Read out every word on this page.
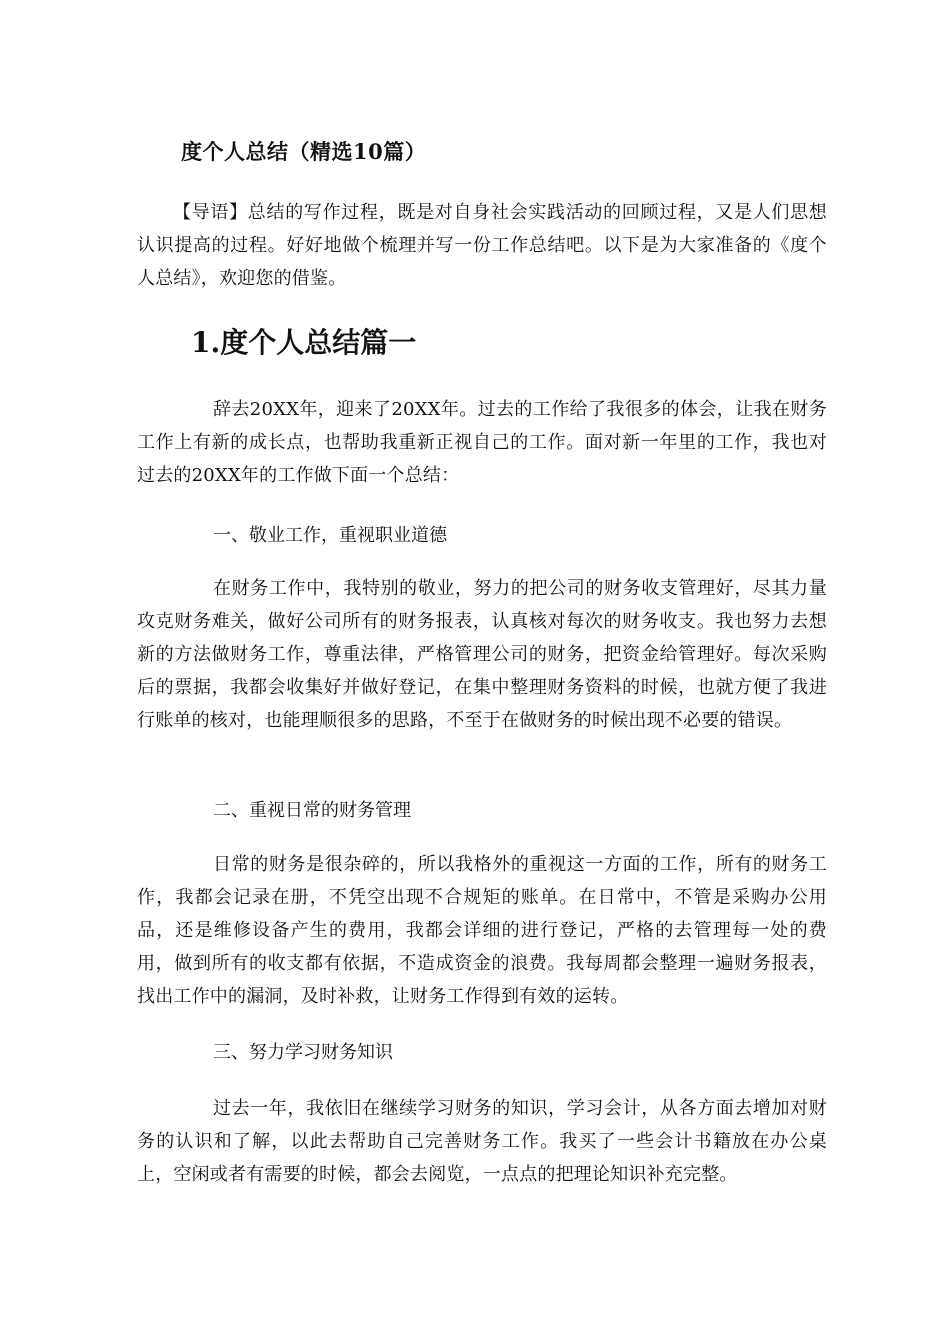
度个人总结（精选10篇）
【导语】总结的写作过程，既是对自身社会实践活动的回顾过程，又是人们思想认识提高的过程。好好地做个梳理并写一份工作总结吧。以下是为大家准备的《度个人总结》，欢迎您的借鉴。
1.度个人总结篇一
辞去20XX年，迎来了20XX年。过去的工作给了我很多的体会，让我在财务工作上有新的成长点，也帮助我重新正视自己的工作。面对新一年里的工作，我也对过去的20XX年的工作做下面一个总结：
一、敬业工作，重视职业道德
在财务工作中，我特别的敬业，努力的把公司的财务收支管理好，尽其力量攻克财务难关，做好公司所有的财务报表，认真核对每次的财务收支。我也努力去想新的方法做财务工作，尊重法律，严格管理公司的财务，把资金给管理好。每次采购后的票据，我都会收集好并做好登记，在集中整理财务资料的时候，也就方便了我进行账单的核对，也能理顺很多的思路，不至于在做财务的时候出现不必要的错误。
二、重视日常的财务管理
日常的财务是很杂碎的，所以我格外的重视这一方面的工作，所有的财务工作，我都会记录在册，不凭空出现不合规矩的账单。在日常中，不管是采购办公用品，还是维修设备产生的费用，我都会详细的进行登记，严格的去管理每一处的费用，做到所有的收支都有依据，不造成资金的浪费。我每周都会整理一遍财务报表，找出工作中的漏洞，及时补救，让财务工作得到有效的运转。
三、努力学习财务知识
过去一年，我依旧在继续学习财务的知识，学习会计，从各方面去增加对财务的认识和了解，以此去帮助自己完善财务工作。我买了一些会计书籍放在办公桌上，空闲或者有需要的时候，都会去阅览，一点点的把理论知识补充完整。
